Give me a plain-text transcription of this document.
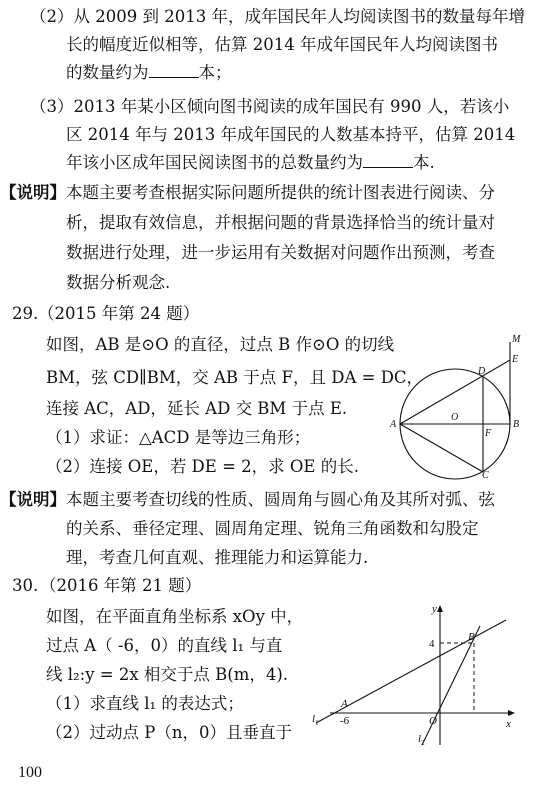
（2）从 2009 到 2013 年，成年国民年人均阅读图书的数量每年增
长的幅度近似相等，估算 2014 年成年国民年人均阅读图书
的数量约为	本；
（3）2013 年某小区倾向图书阅读的成年国民有 990 人，若该小
区 2014 年与 2013 年成年国民的人数基本持平，估算 2014
年该小区成年国民阅读图书的总数量约为	本.
【说明】 本题主要考查根据实际问题所提供的统计图表进行阅读、分
析，提取有效信息，并根据问题的背景选择恰当的统计量对
数据进行处理，进一步运用有关数据对问题作出预测，考查
数据分析观念.
29. （2015 年第 24 题）
如图，AB 是⊙O 的直径，过点 B 作⊙O 的切线
BM，弦 CD∥BM，交 AB 于点 F，且 DA = DC，
连接 AC，AD，延长 AD 交 BM 于点 E.
（1）求证：△ACD 是等边三角形；
（2）连接 OE，若 DE = 2，求 OE 的长.
M
E
D
A
O
F
B
C
【说明】 本题主要考查切线的性质、圆周角与圆心角及其所对弧、弦
的关系、垂径定理、圆周角定理、锐角三角函数和勾股定
理，考查几何直观、推理能力和运算能力.
30. （2016 年第 21 题）
如图，在平面直角坐标系 xOy 中，
过点 A（ -6，0）的直线 l₁ 与直
线 l₂:y = 2x 相交于点 B(m，4).
（1）求直线 l₁ 的表达式；
（2）过动点 P（n，0）且垂直于
y
x
4
B
A
-6	O
$l_1$
$l_2$
100
